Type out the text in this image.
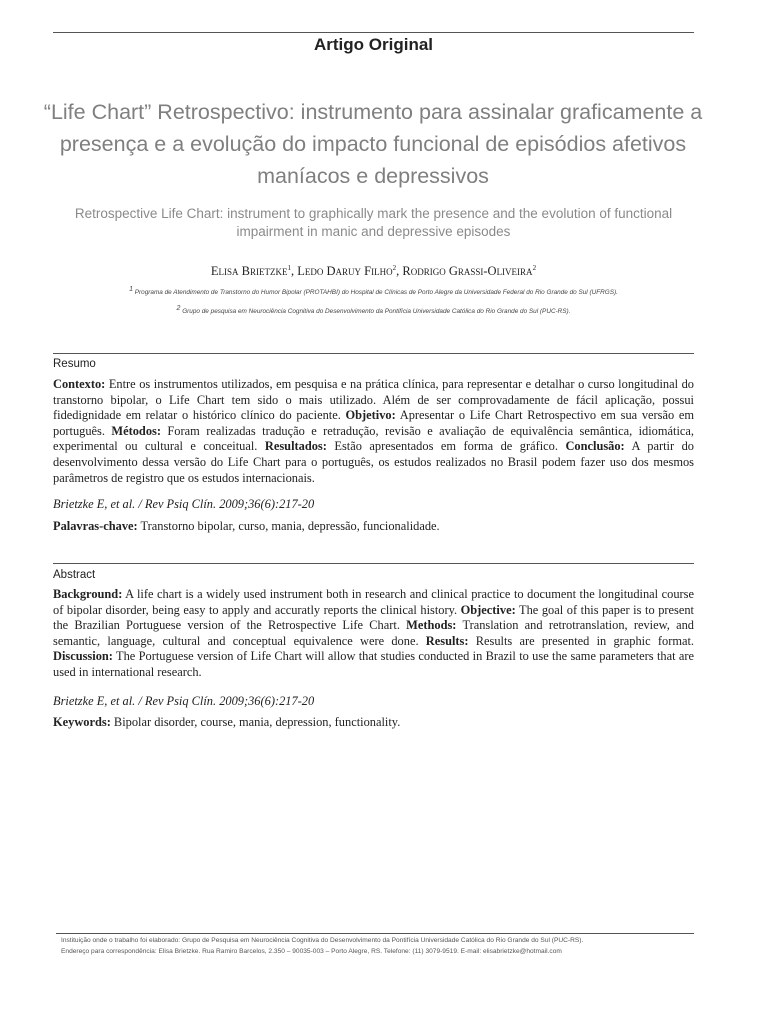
Artigo Original
“Life Chart” Retrospectivo: instrumento para assinalar graficamente a presença e a evolução do impacto funcional de episódios afetivos maníacos e depressivos
Retrospective Life Chart: instrument to graphically mark the presence and the evolution of functional impairment in manic and depressive episodes
Elisa Brietzke$^1$, Ledo Daruy Filho$^2$, Rodrigo Grassi-Oliveira$^2$
$^1$ Programa de Atendimento de Transtorno do Humor Bipolar (PROTAHBI) do Hospital de Clínicas de Porto Alegre da Universidade Federal do Rio Grande do Sul (UFRGS).
$^2$ Grupo de pesquisa em Neurociência Cognitiva do Desenvolvimento da Pontifícia Universidade Católica do Rio Grande do Sul (PUC-RS).
Resumo
Contexto: Entre os instrumentos utilizados, em pesquisa e na prática clínica, para representar e detalhar o curso longitudinal do transtorno bipolar, o Life Chart tem sido o mais utilizado. Além de ser comprovadamente de fácil aplicação, possui fidedignidade em relatar o histórico clínico do paciente. Objetivo: Apresentar o Life Chart Retrospectivo em sua versão em português. Métodos: Foram realizadas tradução e retradução, revisão e avaliação de equivalência semântica, idiomática, experimental ou cultural e conceitual. Resultados: Estão apresentados em forma de gráfico. Conclusão: A partir do desenvolvimento dessa versão do Life Chart para o português, os estudos realizados no Brasil podem fazer uso dos mesmos parâmetros de registro que os estudos internacionais.
Brietzke E, et al. / Rev Psiq Clín. 2009;36(6):217-20
Palavras-chave: Transtorno bipolar, curso, mania, depressão, funcionalidade.
Abstract
Background: A life chart is a widely used instrument both in research and clinical practice to document the longitudinal course of bipolar disorder, being easy to apply and accuratly reports the clinical history. Objective: The goal of this paper is to present the Brazilian Portuguese version of the Retrospective Life Chart. Methods: Translation and retrotranslation, review, and semantic, language, cultural and conceptual equivalence were done. Results: Results are presented in graphic format. Discussion: The Portuguese version of Life Chart will allow that studies conducted in Brazil to use the same parameters that are used in international research.
Brietzke E, et al. / Rev Psiq Clín. 2009;36(6):217-20
Keywords: Bipolar disorder, course, mania, depression, functionality.
Instituição onde o trabalho foi elaborado: Grupo de Pesquisa em Neurociência Cognitiva do Desenvolvimento da Pontifícia Universidade Católica do Rio Grande do Sul (PUC-RS).
Endereço para correspondência: Elisa Brietzke. Rua Ramiro Barcelos, 2.350 – 90035-003 – Porto Alegre, RS. Telefone: (11) 3079-9519. E-mail: elisabrietzke@hotmail.com
